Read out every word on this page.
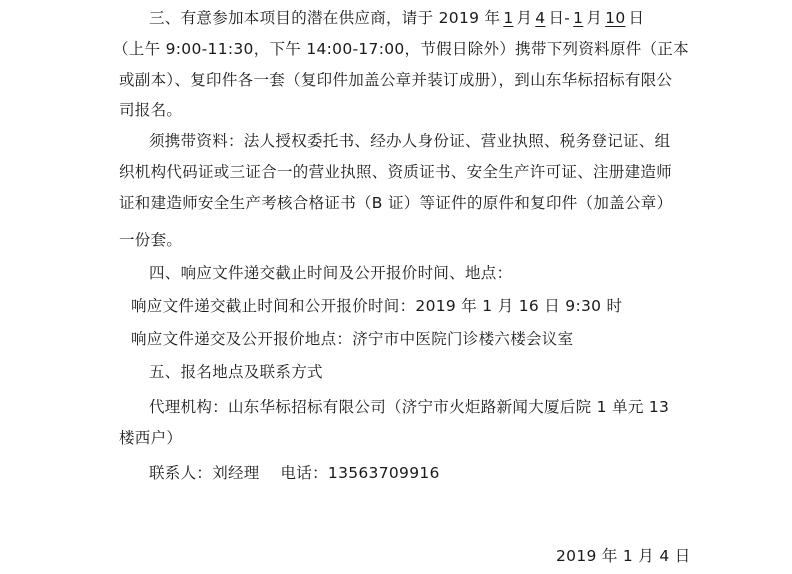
三、有意参加本项目的潜在供应商，请于 2019 年 1 月 4 日- 1 月 10 日
（上午 9:00-11:30，下午 14:00-17:00，节假日除外）携带下列资料原件（正本
或副本）、复印件各一套（复印件加盖公章并装订成册），到山东华标招标有限公
司报名。
须携带资料：法人授权委托书、经办人身份证、营业执照、税务登记证、组
织机构代码证或三证合一的营业执照、资质证书、安全生产许可证、注册建造师
证和建造师安全生产考核合格证书（B 证）等证件的原件和复印件（加盖公章）
一份套。
四、响应文件递交截止时间及公开报价时间、地点：
响应文件递交截止时间和公开报价时间：2019 年 1 月 16 日 9:30 时
响应文件递交及公开报价地点：济宁市中医院门诊楼六楼会议室
五、报名地点及联系方式
代理机构：山东华标招标有限公司（济宁市火炬路新闻大厦后院 1 单元 13
楼西户）
联系人：刘经理    电话：13563709916
2019 年 1 月 4 日
